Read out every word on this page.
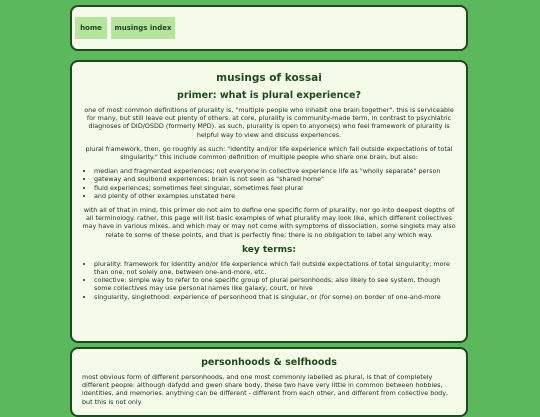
home	musings index
musings of kossai
primer: what is plural experience?

one of most common definitions of plurality is, "multiple people who inhabit one brain together". this is serviceable for many, but still leave out plenty of others. at core, plurality is community-made term, in contrast to psychiatric diagnoses of DID/OSDD (formerly MPD). as such, plurality is open to anyone(s) who feel framework of plurality is helpful way to view and discuss experiences.

plural framework, then, go roughly as such: "identity and/or life experience which fall outside expectations of total singularity." this include common definition of multiple people who share one brain, but also:

• median and fragmented experiences; not everyone in collective experience life as "wholly separate" person
• gateway and soulbond experiences; brain is not seen as "shared home"
• fluid experiences; sometimes feel singular, sometimes feel plural
• and plenty of other examples unstated here

with all of that in mind, this primer do not aim to define one specific form of plurality, nor go into deepest depths of all terminology. rather, this page will list basic examples of what plurality may look like, which different collectives may have in various mixes, and which may or may not come with symptoms of dissociation. some singlets may also relate to some of these points, and that is perfectly fine; there is no obligation to label any which way.

key terms:
• plurality: framework for identity and/or life experience which fall outside expectations of total singularity; more than one, not solely one, between one-and-more, etc.
• collective: simple way to refer to one specific group of plural personhoods; also likely to see system, though some collectives may use personal names like galaxy, court, or hive
• singularity, singlethood: experience of personhood that is singular, or (for some) on border of one-and-more
personhoods & selfhoods

most obvious form of different personhoods, and one most commonly labelled as plural, is that of completely different people: although dafydd and gwen share body, these two have very little in common between hobbies, identities, and memories. anything can be different - different from each other, and different from collective body, but this is not only
